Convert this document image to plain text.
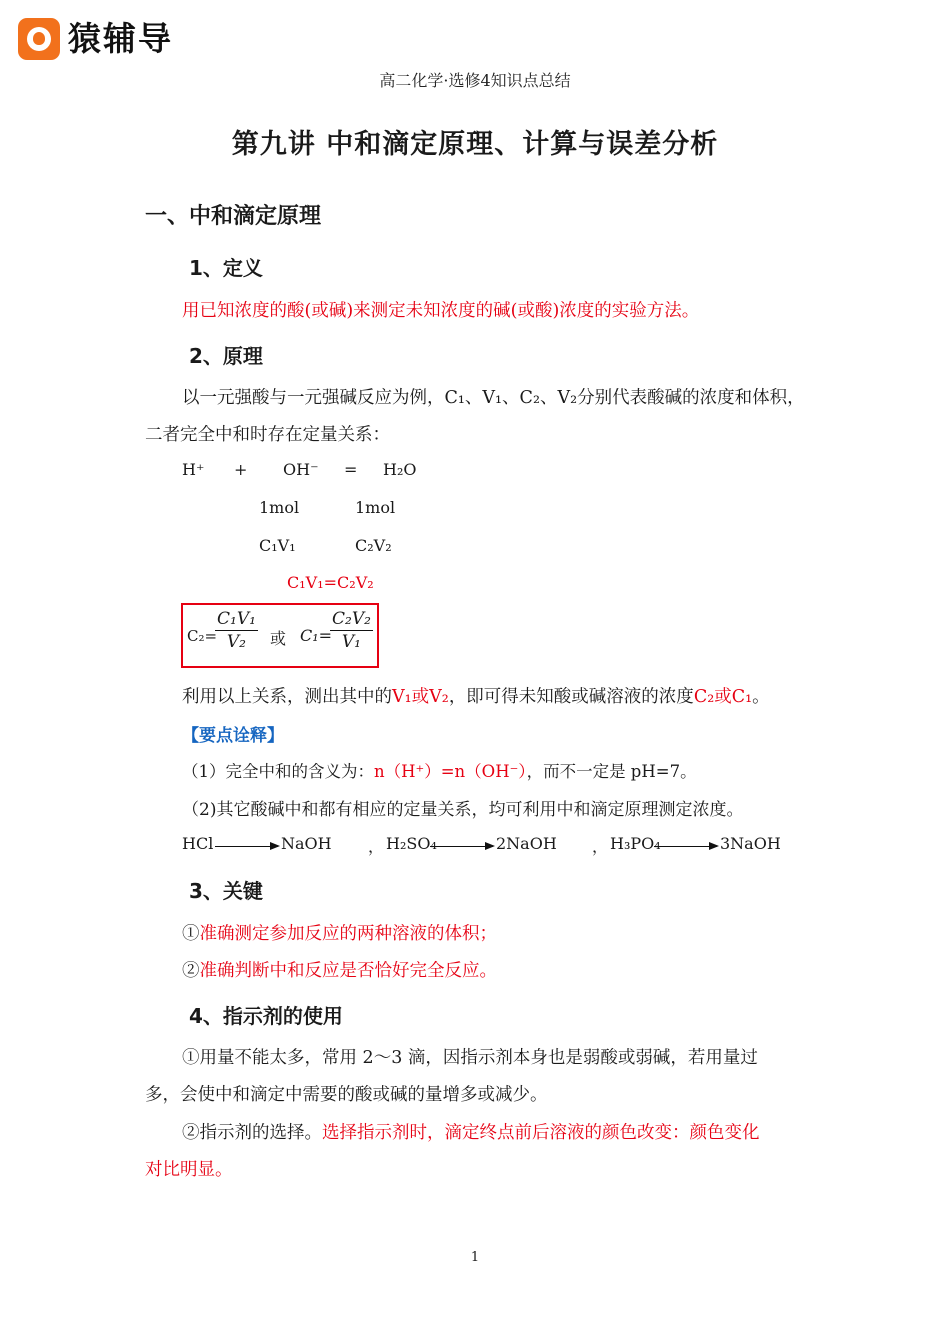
猿辅导
高二化学·选修4知识点总结
第九讲 中和滴定原理、计算与误差分析
一、中和滴定原理
1、定义
用已知浓度的酸(或碱)来测定未知浓度的碱(或酸)浓度的实验方法。
2、原理
以一元强酸与一元强碱反应为例，C₁、V₁、C₂、V₂分别代表酸碱的浓度和体积，
二者完全中和时存在定量关系：
H⁺ + OH⁻ = H₂O
1mol	1mol
C₁V₁	C₂V₂
C₁V₁=C₂V₂
C₂=
$\frac{\text{C₁V₁}}{\text{V₂}}$ 或 C₁=
$\frac{\text{C₂V₂}}{\text{V₁}}$
利用以上关系，测出其中的V₁或V₂，即可得未知酸或碱溶液的浓度C₂或C₁。
【要点诠释】
（1）完全中和的含义为：n（H⁺）=n（OH⁻），而不一定是 pH=7。
（2)其它酸碱中和都有相应的定量关系，均可利用中和滴定原理测定浓度。
HCl	NaOH ， H₂SO₄	2NaOH ， H₃PO₄	3NaOH
3、关键
①准确测定参加反应的两种溶液的体积；
②准确判断中和反应是否恰好完全反应。
4、指示剂的使用
①用量不能太多，常用 2～3 滴，因指示剂本身也是弱酸或弱碱，若用量过
多，会使中和滴定中需要的酸或碱的量增多或减少。
②指示剂的选择。选择指示剂时，滴定终点前后溶液的颜色改变：颜色变化
对比明显。
1
